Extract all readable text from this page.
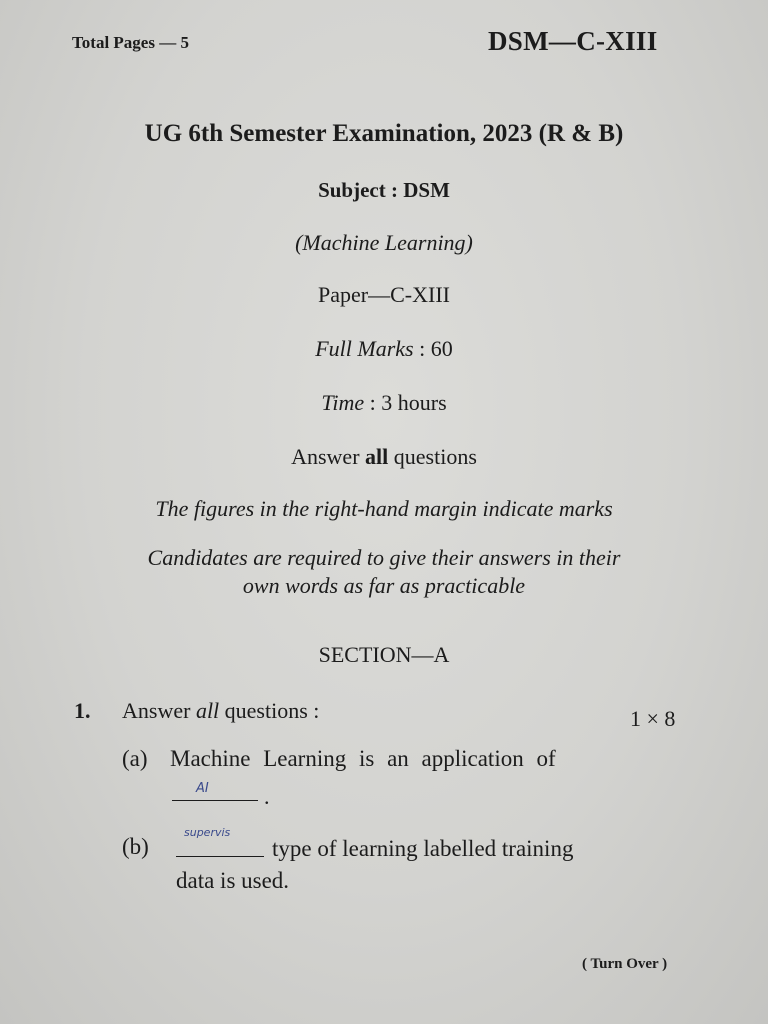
Total Pages — 5	DSM—C-XIII
UG 6th Semester Examination, 2023 (R & B)
Subject : DSM
(Machine Learning)
Paper—C-XIII
Full Marks : 60
Time : 3 hours
Answer all questions
The figures in the right-hand margin indicate marks
Candidates are required to give their answers in their
own words as far as practicable
SECTION—A
1. Answer all questions :	1 × 8
(a) Machine Learning is an application of
AI	.
(b)
supervis
type of learning labelled training
data is used.
( Turn Over )
